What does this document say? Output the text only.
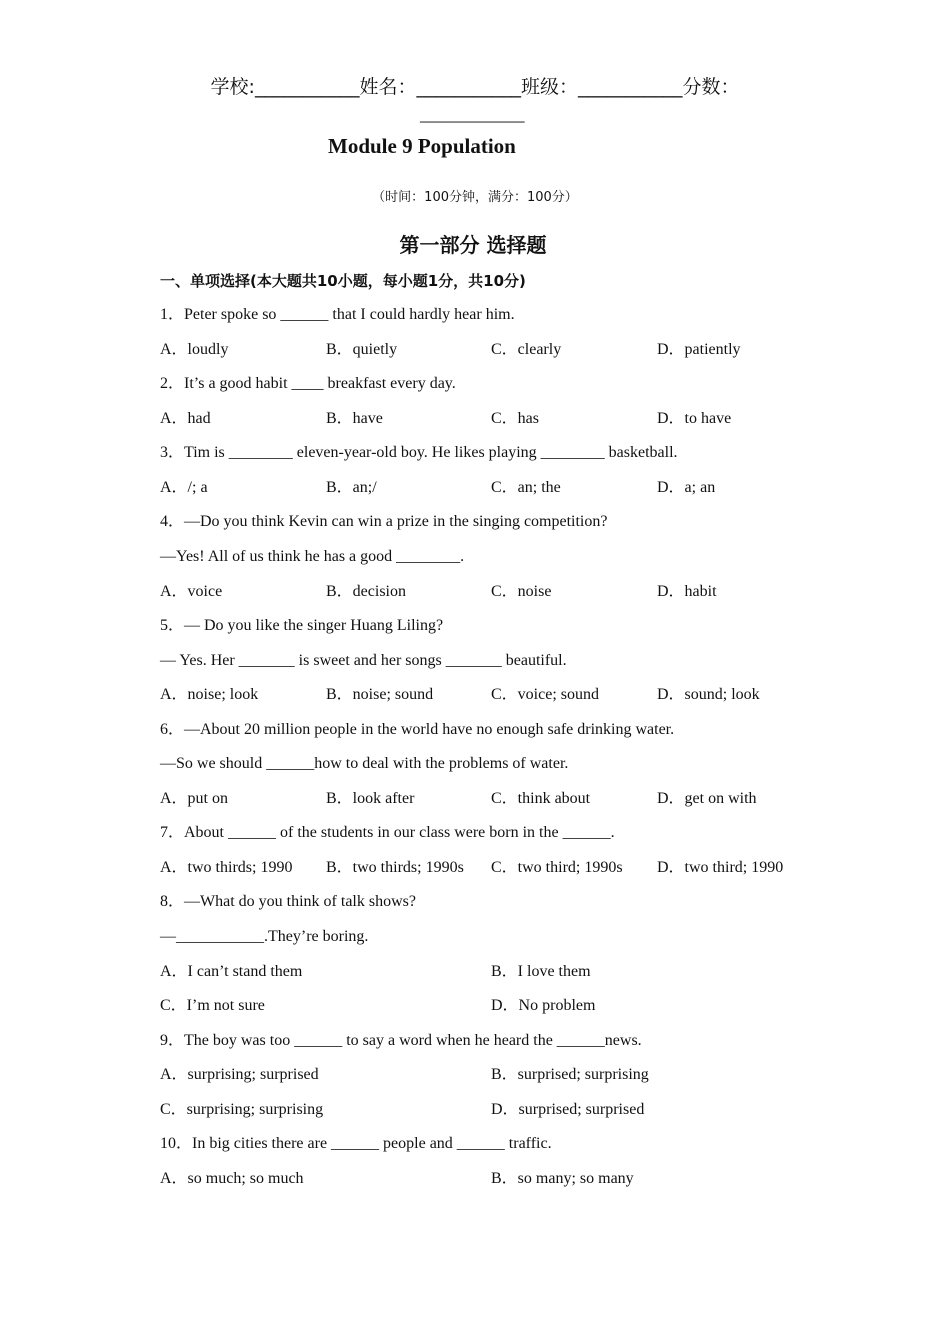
学校:___________姓名：___________班级：___________分数：
___________
Module 9 Population
（时间：100分钟，满分：100分）
第一部分 选择题
一、单项选择(本大题共10小题，每小题1分，共10分)
1．Peter spoke so ______ that I could hardly hear him.
A．loudly	B．quietly	C．clearly	D．patiently
2．It’s a good habit ____ breakfast every day.
A．had	B．have	C．has	D．to have
3．Tim is ________ eleven-year-old boy. He likes playing ________ basketball.
A．/; a	B．an;/	C．an; the	D．a; an
4．—Do you think Kevin can win a prize in the singing competition?
—Yes! All of us think he has a good ________.
A．voice	B．decision	C．noise	D．habit
5．— Do you like the singer Huang Liling?
— Yes. Her _______ is sweet and her songs _______ beautiful.
A．noise; look	B．noise; sound	C．voice; sound	D．sound; look
6．—About 20 million people in the world have no enough safe drinking water.
—So we should ______how to deal with the problems of water.
A．put on	B．look after	C．think about	D．get on with
7．About ______ of the students in our class were born in the ______.
A．two thirds; 1990 B．two thirds; 1990s C．two third; 1990s D．two third; 1990
8．—What do you think of talk shows?
—___________.They’re boring.
A．I can’t stand them	B．I love them
C．I’m not sure	D．No problem
9．The boy was too ______ to say a word when he heard the ______news.
A．surprising; surprised	B．surprised; surprising
C．surprising; surprising	D．surprised; surprised
10．In big cities there are ______ people and ______ traffic.
A．so much; so much	B．so many; so many
